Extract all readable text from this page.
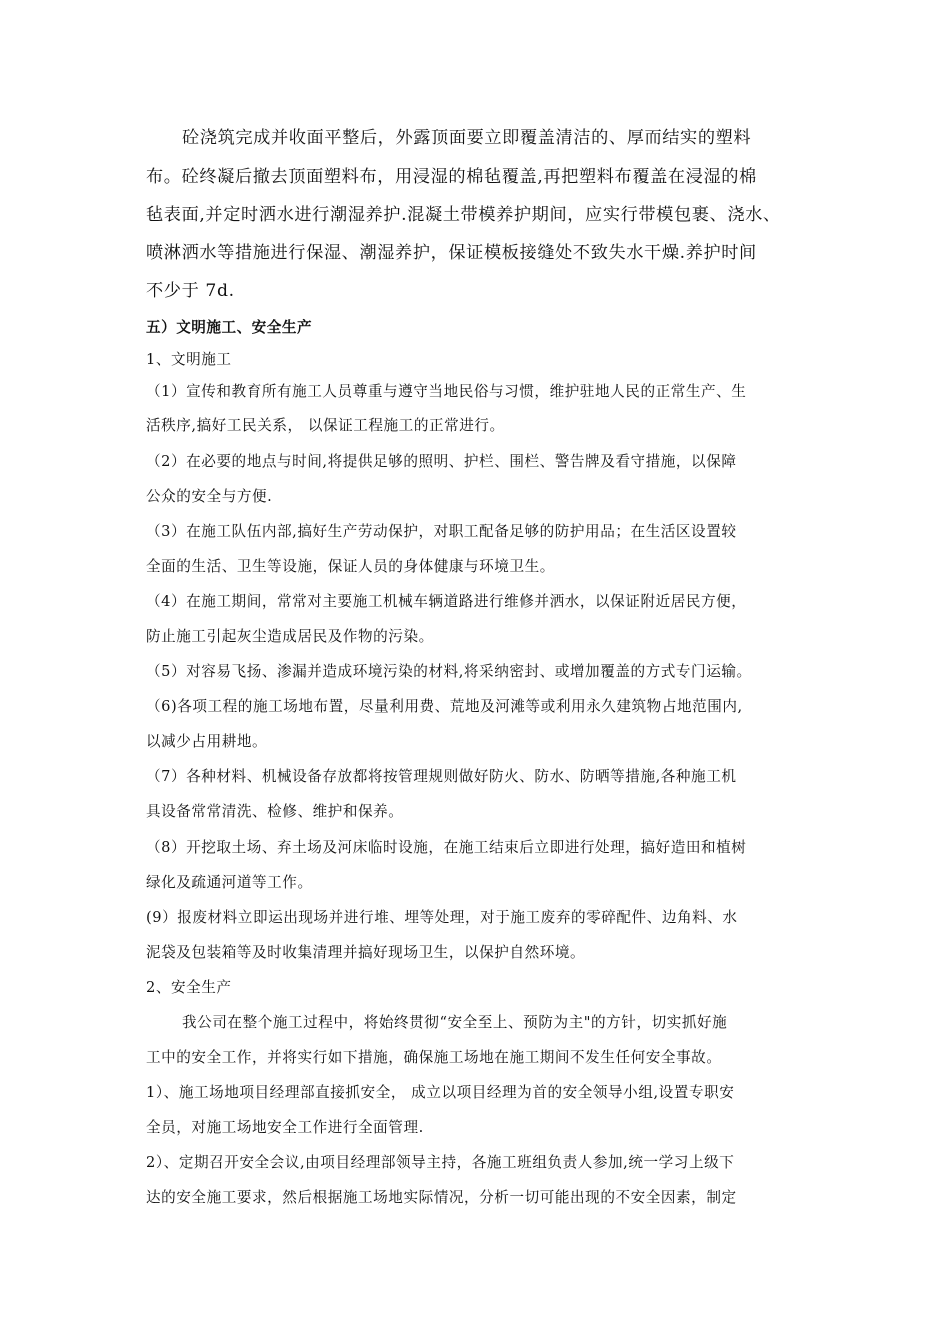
砼浇筑完成并收面平整后，外露顶面要立即覆盖清洁的、厚而结实的塑料
布。砼终凝后撤去顶面塑料布，用浸湿的棉毡覆盖,再把塑料布覆盖在浸湿的棉
毡表面,并定时洒水进行潮湿养护.混凝土带模养护期间，应实行带模包裹、浇水、
喷淋洒水等措施进行保湿、潮湿养护，保证模板接缝处不致失水干燥.养护时间
不少于 7d.
五）文明施工、安全生产
1、文明施工
（1）宣传和教育所有施工人员尊重与遵守当地民俗与习惯，维护驻地人民的正常生产、生
活秩序,搞好工民关系， 以保证工程施工的正常进行。
（2）在必要的地点与时间,将提供足够的照明、护栏、围栏、警告牌及看守措施，以保障
公众的安全与方便.
（3）在施工队伍内部,搞好生产劳动保护，对职工配备足够的防护用品；在生活区设置较
全面的生活、卫生等设施，保证人员的身体健康与环境卫生。
（4）在施工期间，常常对主要施工机械车辆道路进行维修并洒水，以保证附近居民方便，
防止施工引起灰尘造成居民及作物的污染。
（5）对容易飞扬、渗漏并造成环境污染的材料,将采纳密封、或增加覆盖的方式专门运输。
（6)各项工程的施工场地布置，尽量利用费、荒地及河滩等或利用永久建筑物占地范围内,
以减少占用耕地。
（7）各种材料、机械设备存放都将按管理规则做好防火、防水、防晒等措施,各种施工机
具设备常常清洗、检修、维护和保养。
（8）开挖取土场、弃土场及河床临时设施，在施工结束后立即进行处理，搞好造田和植树
绿化及疏通河道等工作。
(9）报废材料立即运出现场并进行堆、埋等处理，对于施工废弃的零碎配件、边角料、水
泥袋及包装箱等及时收集清理并搞好现场卫生，以保护自然环境。
2、安全生产
我公司在整个施工过程中，将始终贯彻“安全至上、预防为主"的方针，切实抓好施
工中的安全工作，并将实行如下措施，确保施工场地在施工期间不发生任何安全事故。
1）、施工场地项目经理部直接抓安全， 成立以项目经理为首的安全领导小组,设置专职安
全员，对施工场地安全工作进行全面管理.
2）、定期召开安全会议,由项目经理部领导主持，各施工班组负责人参加,统一学习上级下
达的安全施工要求，然后根据施工场地实际情况，分析一切可能出现的不安全因素，制定
